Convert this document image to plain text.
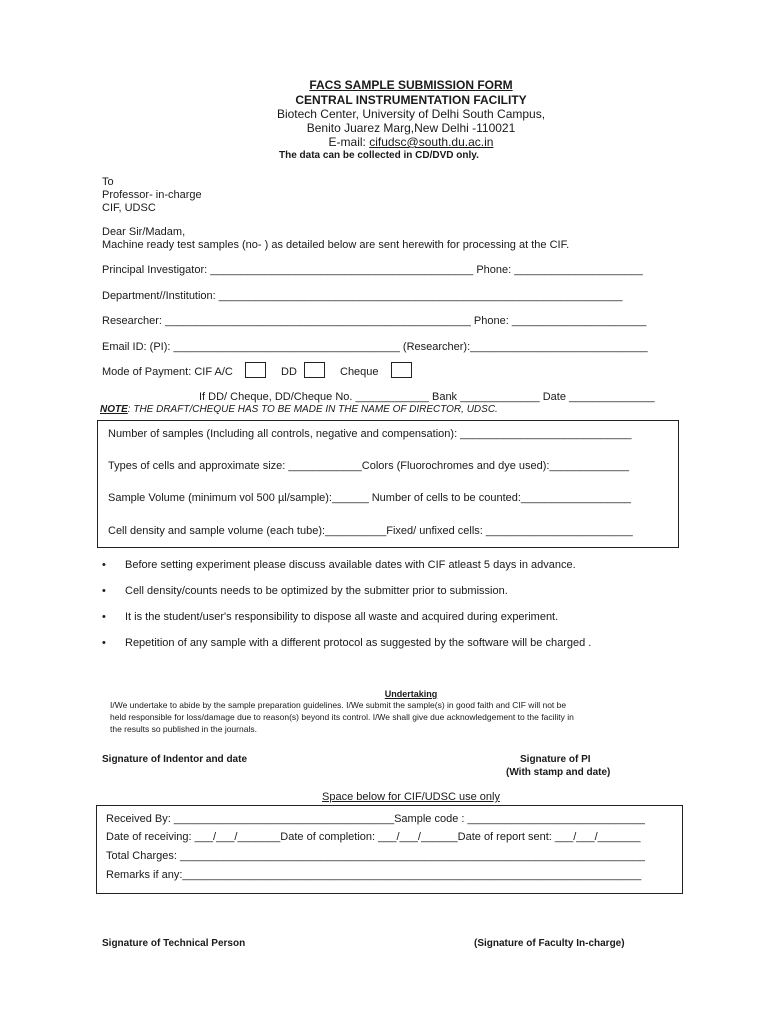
FACS SAMPLE SUBMISSION FORM
CENTRAL INSTRUMENTATION FACILITY
Biotech Center, University of Delhi South Campus,
Benito Juarez Marg,New Delhi -110021
E-mail: cifudsc@south.du.ac.in
The data can be collected in CD/DVD only.
To
Professor- in-charge
CIF, UDSC
Dear Sir/Madam,
Machine ready test samples (no- ) as detailed below are sent herewith for processing at the CIF.
Principal Investigator: ___________________________________________ Phone: _____________________
Department//Institution: __________________________________________________________________
Researcher: __________________________________________________ Phone: ______________________
Email ID: (PI): _____________________________________ (Researcher):_____________________________
Mode of Payment: CIF A/C	DD	Cheque
If DD/ Cheque, DD/Cheque No. ____________ Bank _____________ Date ______________
NOTE: THE DRAFT/CHEQUE HAS TO BE MADE IN THE NAME OF DIRECTOR, UDSC.
Number of samples (Including all controls, negative and compensation): ____________________________
Types of cells and approximate size: ____________Colors (Fluorochromes and dye used):_____________
Sample Volume (minimum vol 500 µl/sample):______ Number of cells to be counted:__________________
Cell density and sample volume (each tube):__________Fixed/ unfixed cells: ________________________
• Before setting experiment please discuss available dates with CIF atleast 5 days in advance.
• Cell density/counts needs to be optimized by the submitter prior to submission.
• It is the student/user's responsibility to dispose all waste and acquired during experiment.
• Repetition of any sample with a different protocol as suggested by the software will be charged .
Undertaking
I/We undertake to abide by the sample preparation guidelines. I/We submit the sample(s) in good faith and CIF will not be
held responsible for loss/damage due to reason(s) beyond its control. I/We shall give due acknowledgement to the facility in
the results so published in the journals.
Signature of Indentor and date	Signature of PI
(With stamp and date)
Space below for CIF/UDSC use only
Received By: ____________________________________Sample code : _____________________________
Date of receiving: ___/___/_______Date of completion: ___/___/______Date of report sent: ___/___/_______
Total Charges: ____________________________________________________________________________
Remarks if any:___________________________________________________________________________
Signature of Technical Person	(Signature of Faculty In-charge)
